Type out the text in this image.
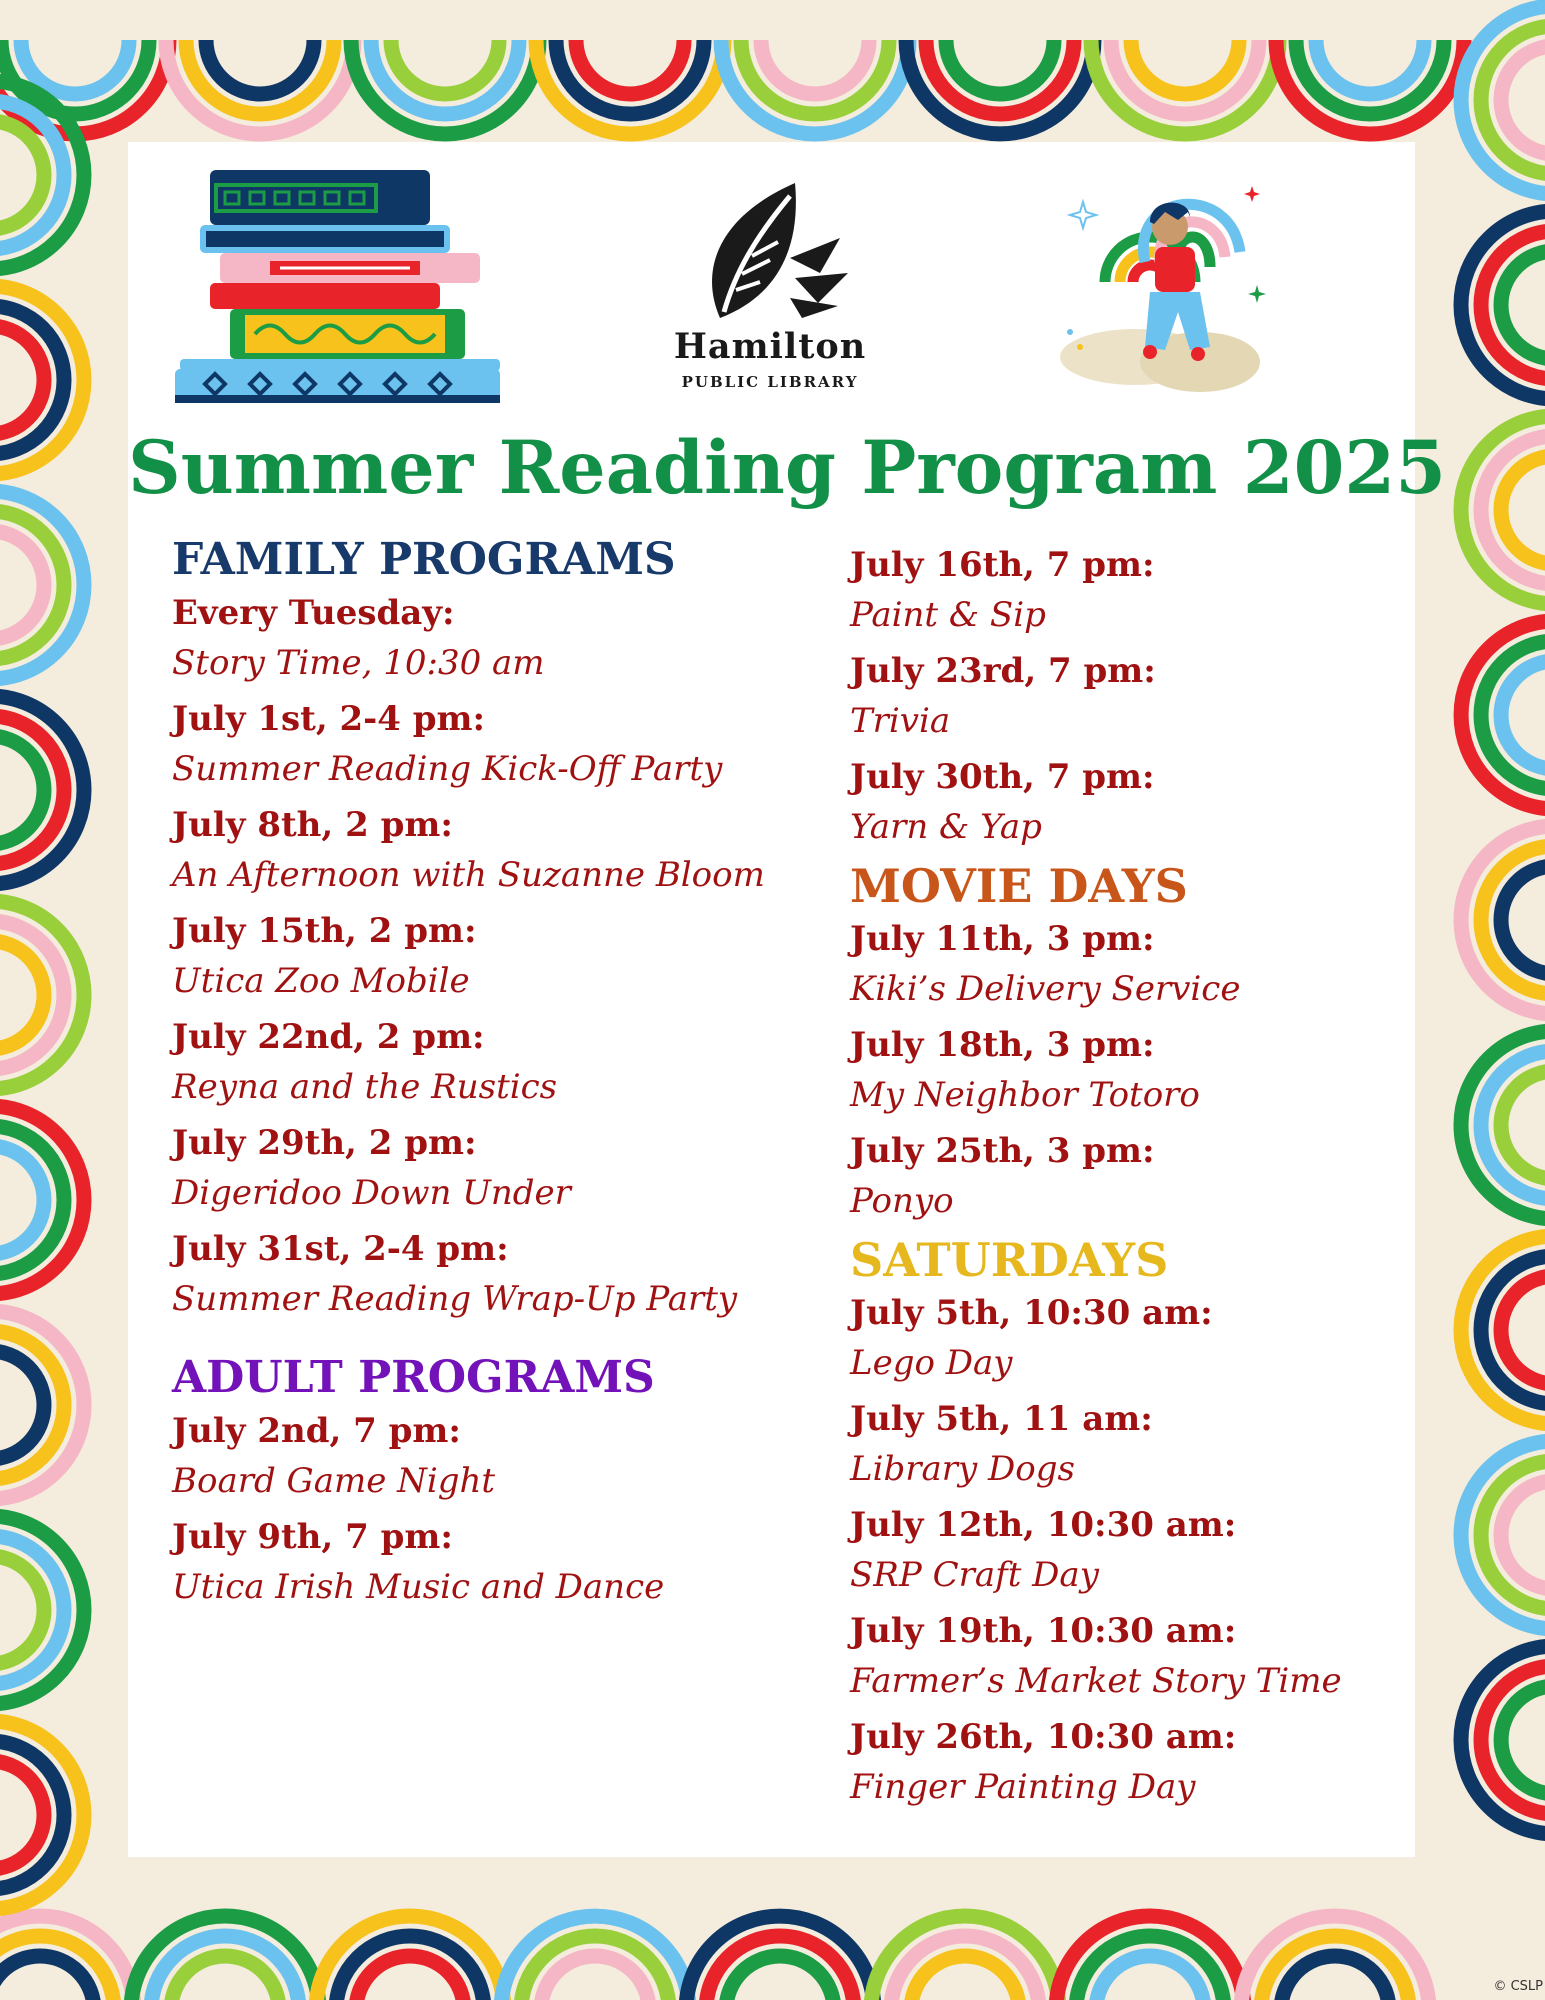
Hamilton
PUBLIC LIBRARY
Summer Reading Program 2025
FAMILY PROGRAMS
Every Tuesday:
Story Time, 10:30 am
July 1st, 2-4 pm:
Summer Reading Kick-Off Party
July 8th, 2 pm:
An Afternoon with Suzanne Bloom
July 15th, 2 pm:
Utica Zoo Mobile
July 22nd, 2 pm:
Reyna and the Rustics
July 29th, 2 pm:
Digeridoo Down Under
July 31st, 2-4 pm:
Summer Reading Wrap-Up Party
ADULT PROGRAMS
July 2nd, 7 pm:
Board Game Night
July 9th, 7 pm:
Utica Irish Music and Dance
July 16th, 7 pm:
Paint & Sip
July 23rd, 7 pm:
Trivia
July 30th, 7 pm:
Yarn & Yap
MOVIE DAYS
July 11th, 3 pm:
Kiki’s Delivery Service
July 18th, 3 pm:
My Neighbor Totoro
July 25th, 3 pm:
Ponyo
SATURDAYS
July 5th, 10:30 am:
Lego Day
July 5th, 11 am:
Library Dogs
July 12th, 10:30 am:
SRP Craft Day
July 19th, 10:30 am:
Farmer’s Market Story Time
July 26th, 10:30 am:
Finger Painting Day
© CSLP
